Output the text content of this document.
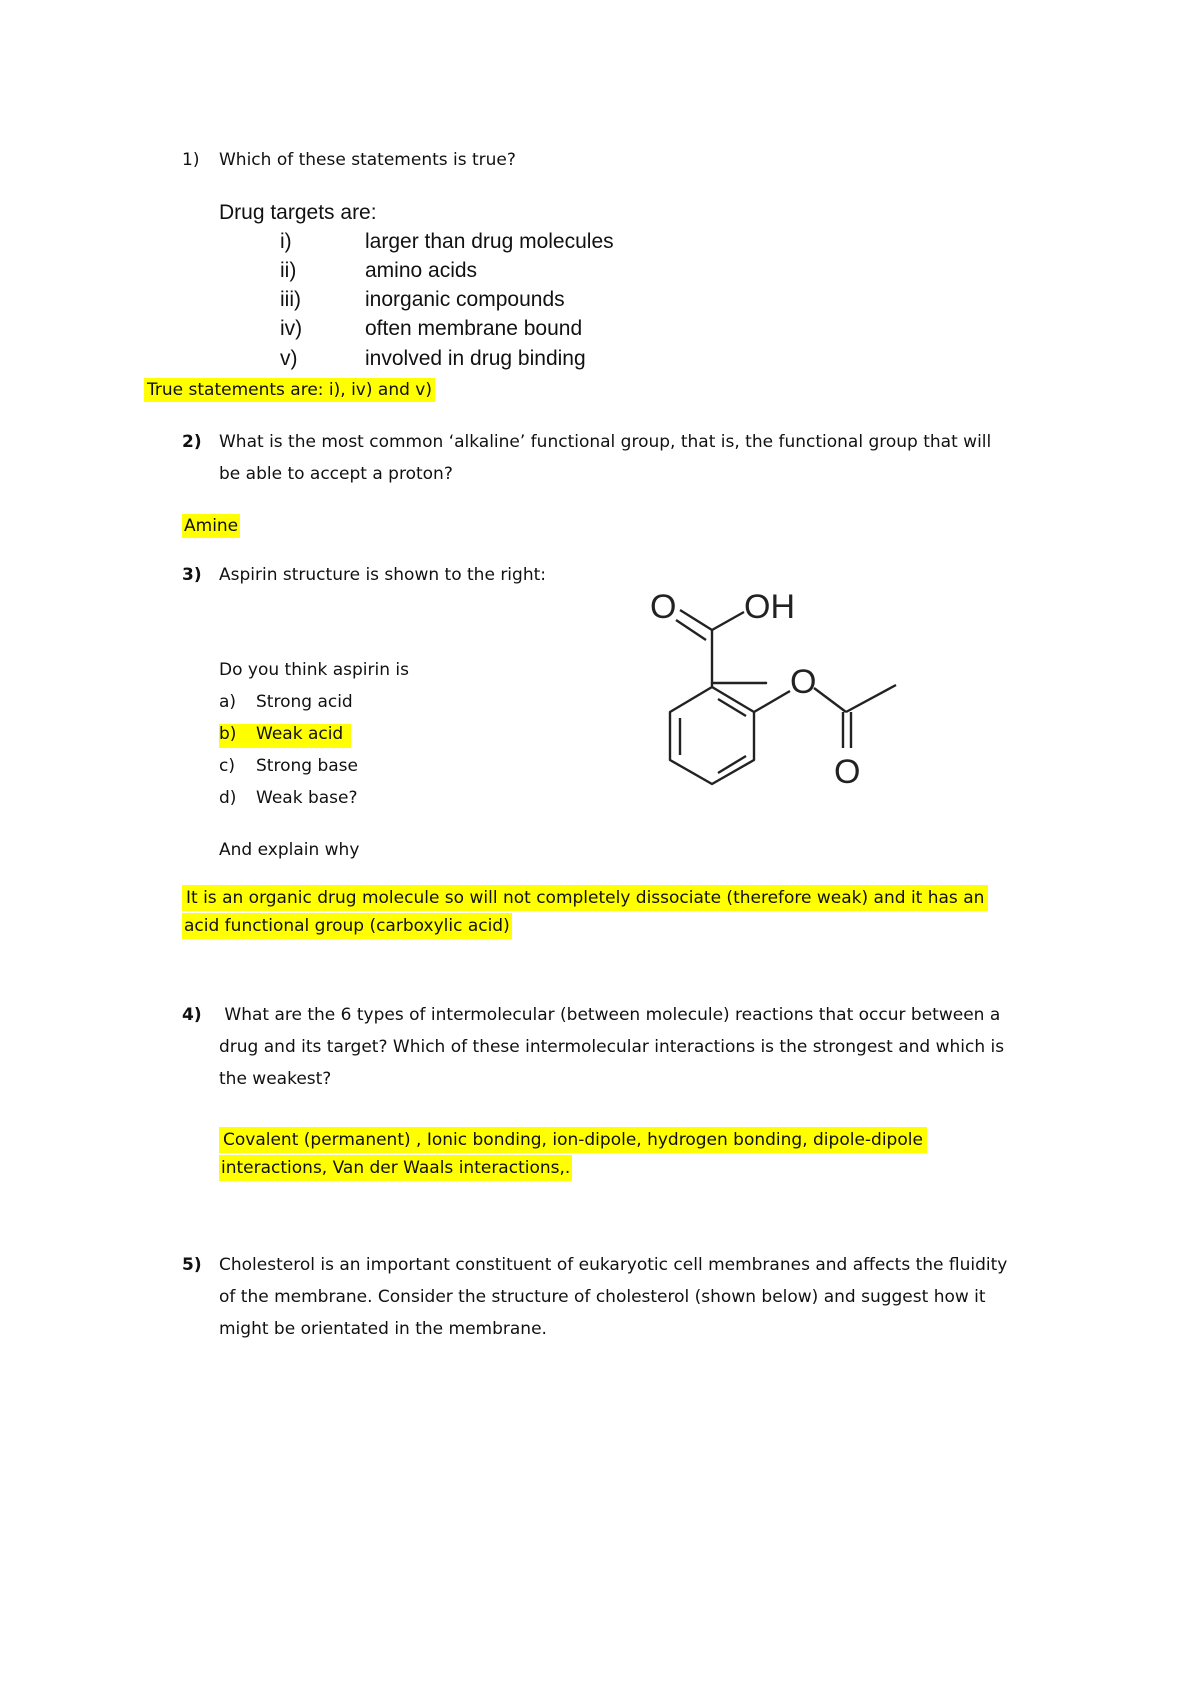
1) Which of these statements is true?
Drug targets are:
i)	larger than drug molecules
ii)	amino acids
iii)	inorganic compounds
iv)	often membrane bound
v)	involved in drug binding
True statements are: i), iv) and v)
2) What is the most common ‘alkaline’ functional group, that is, the functional group that will
be able to accept a proton?
Amine
3) Aspirin structure is shown to the right:
Do you think aspirin is
a) Strong acid
b) Weak acid
c) Strong base
d) Weak base?
And explain why
It is an organic drug molecule so will not completely dissociate (therefore weak) and it has an
acid functional group (carboxylic acid)
O OH
O
O
4) What are the 6 types of intermolecular (between molecule) reactions that occur between a
drug and its target? Which of these intermolecular interactions is the strongest and which is
the weakest?
Covalent (permanent) , Ionic bonding, ion-dipole, hydrogen bonding, dipole-dipole
interactions, Van der Waals interactions,.
5) Cholesterol is an important constituent of eukaryotic cell membranes and affects the fluidity
of the membrane. Consider the structure of cholesterol (shown below) and suggest how it
might be orientated in the membrane.
